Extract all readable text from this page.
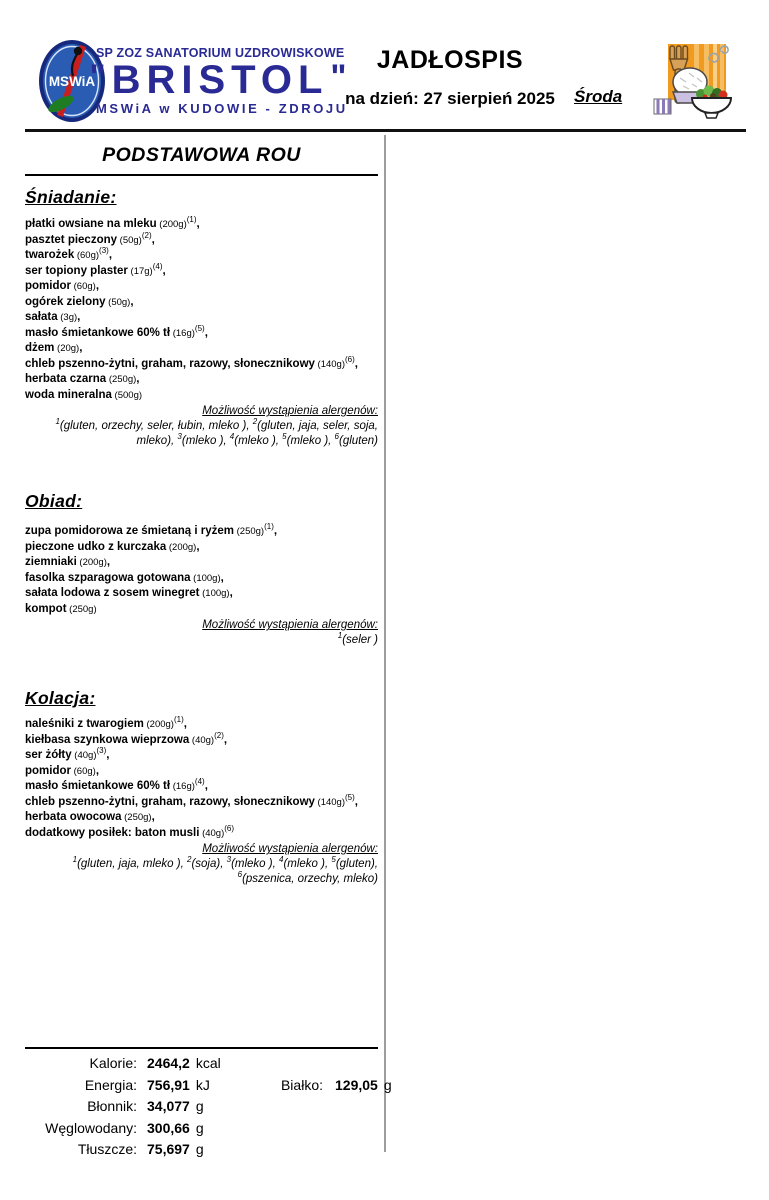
MSWiA
SP ZOZ SANATORIUM UZDROWISKOWE
" BRISTOL "
MSWiA w KUDOWIE - ZDROJU
JADŁOSPIS
na dzień: 27 sierpień 2025	Środa
PODSTAWOWA ROU
Śniadanie:
płatki owsiane na mleku $(200g)^{(1)}$,
pasztet pieczony $(50g)^{(2)}$,
twarożek $(60g)^{(3)}$,
ser topiony plaster $(17g)^{(4)}$,
pomidor (60g),
ogórek zielony (50g),
sałata (3g),
masło śmietankowe 60% tł $(16g)^{(5)}$,
dżem (20g),
chleb pszenno-żytni, graham, razowy, słonecznikowy $(140g)^{(6)}$,
herbata czarna (250g),
woda mineralna (500g)
Możliwość wystąpienia alergenów:
$^1$(gluten, orzechy, seler, łubin, mleko ), $^2$(gluten, jaja, seler, soja,
mleko), $^3$(mleko ), $^4$(mleko ), $^5$(mleko ), $^6$(gluten)
Obiad:
zupa pomidorowa ze śmietaną i ryżem $(250g)^{(1)}$,
pieczone udko z kurczaka (200g),
ziemniaki (200g),
fasolka szparagowa gotowana (100g),
sałata lodowa z sosem winegret (100g),
kompot (250g)
Możliwość wystąpienia alergenów:
$^1$(seler )
Kolacja:
naleśniki z twarogiem $(200g)^{(1)}$,
kiełbasa szynkowa wieprzowa $(40g)^{(2)}$,
ser żółty $(40g)^{(3)}$,
pomidor (60g),
masło śmietankowe 60% tł $(16g)^{(4)}$,
chleb pszenno-żytni, graham, razowy, słonecznikowy $(140g)^{(5)}$,
herbata owocowa (250g),
dodatkowy posiłek: baton musli $(40g)^{(6)}$
Możliwość wystąpienia alergenów:
$^1$(gluten, jaja, mleko ), $^2$(soja), $^3$(mleko ), $^4$(mleko ), $^5$(gluten),
$^6$(pszenica, orzechy, mleko)
Kalorie: 2464,2 kcal
Energia: 756,91 kJ	Białko: 129,05 g
Błonnik: 34,077 g
Węglowodany: 300,66 g
Tłuszcze: 75,697 g
